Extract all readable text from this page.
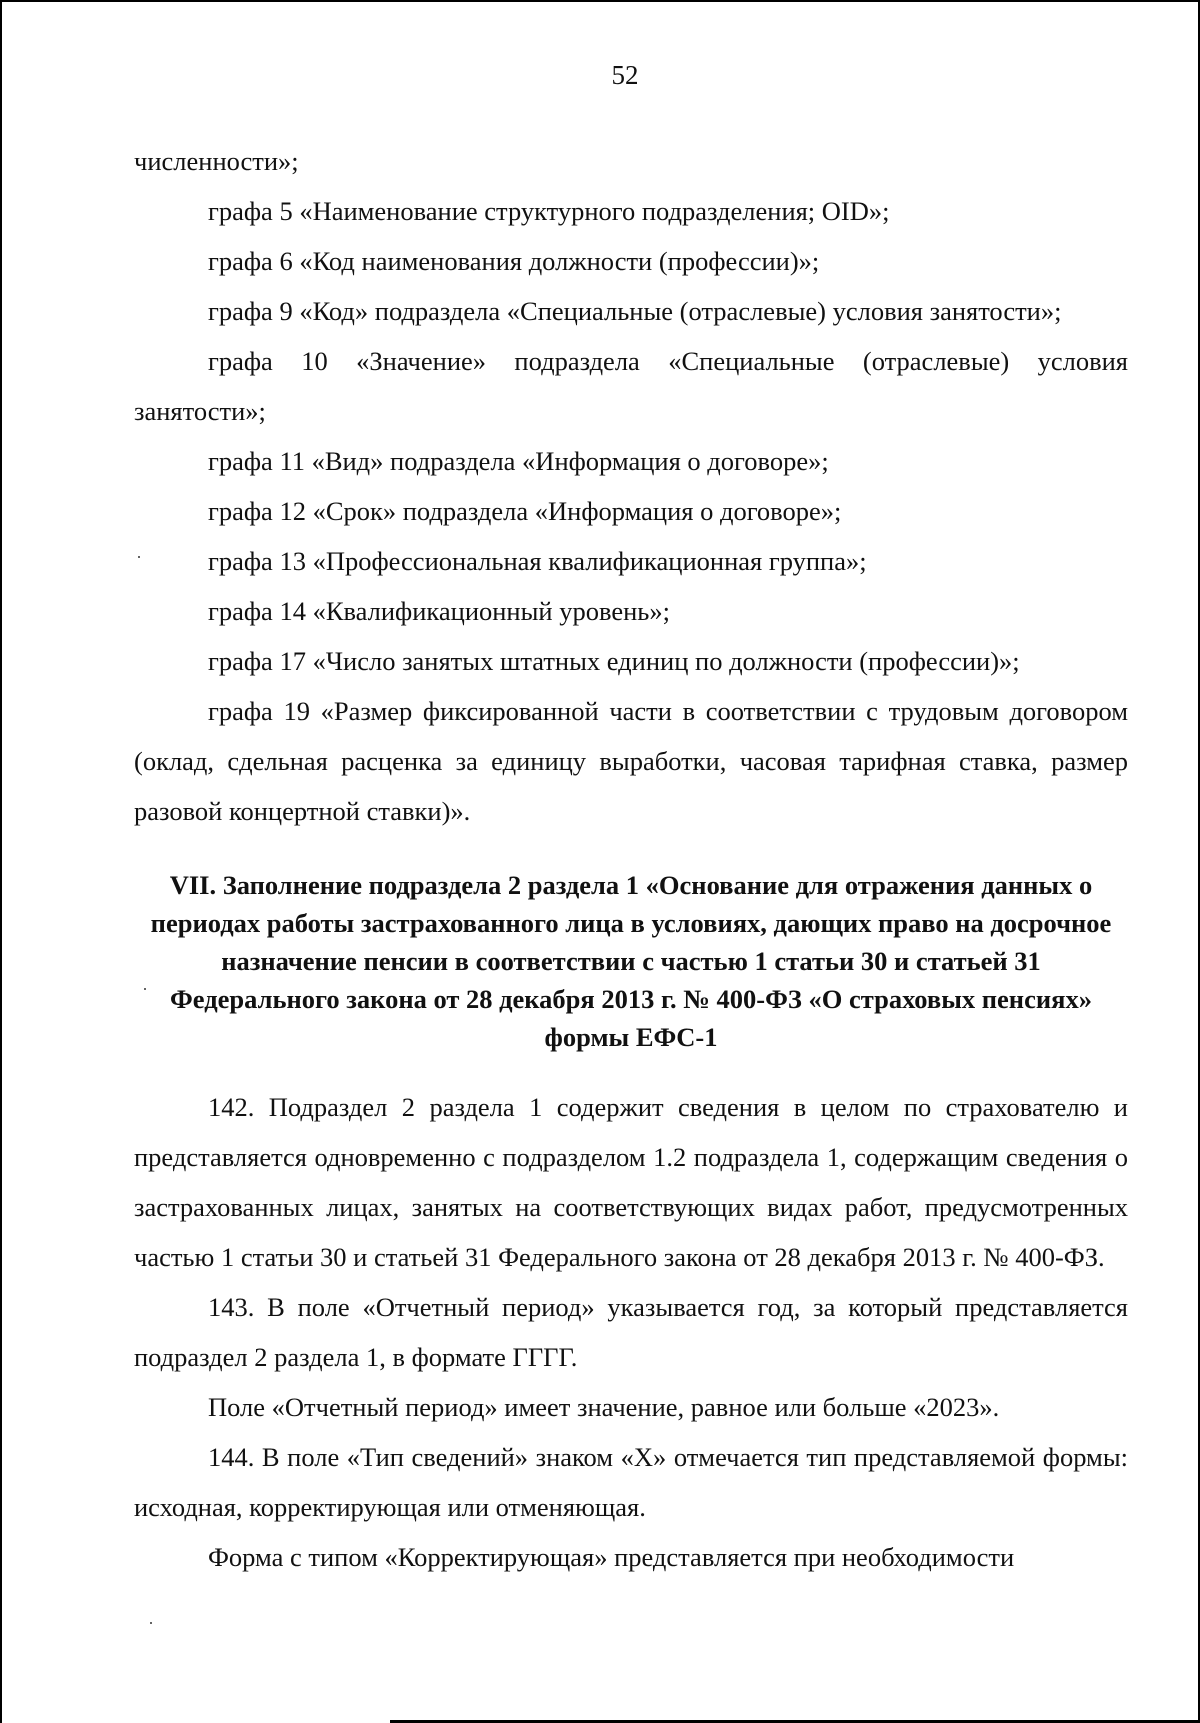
52

численности»;

графа 5 «Наименование структурного подразделения; OID»;

графа 6 «Код наименования должности (профессии)»;

графа 9 «Код» подраздела «Специальные (отраслевые) условия занятости»;

графа 10 «Значение» подраздела «Специальные (отраслевые) условия занятости»;

графа 11 «Вид» подраздела «Информация о договоре»;

графа 12 «Срок» подраздела «Информация о договоре»;

графа 13 «Профессиональная квалификационная группа»;

графа 14 «Квалификационный уровень»;

графа 17 «Число занятых штатных единиц по должности (профессии)»;

графа 19 «Размер фиксированной части в соответствии с трудовым договором (оклад, сдельная расценка за единицу выработки, часовая тарифная ставка, размер разовой концертной ставки)».

VII. Заполнение подраздела 2 раздела 1 «Основание для отражения данных о периодах работы застрахованного лица в условиях, дающих право на досрочное назначение пенсии в соответствии с частью 1 статьи 30 и статьей 31 Федерального закона от 28 декабря 2013 г. № 400-ФЗ «О страховых пенсиях» формы ЕФС-1

142. Подраздел 2 раздела 1 содержит сведения в целом по страхователю и представляется одновременно с подразделом 1.2 подраздела 1, содержащим сведения о застрахованных лицах, занятых на соответствующих видах работ, предусмотренных частью 1 статьи 30 и статьей 31 Федерального закона от 28 декабря 2013 г. № 400-ФЗ.

143. В поле «Отчетный период» указывается год, за который представляется подраздел 2 раздела 1, в формате ГГГГ.

Поле «Отчетный период» имеет значение, равное или больше «2023».

144. В поле «Тип сведений» знаком «Х» отмечается тип представляемой формы: исходная, корректирующая или отменяющая.

Форма с типом «Корректирующая» представляется при необходимости
